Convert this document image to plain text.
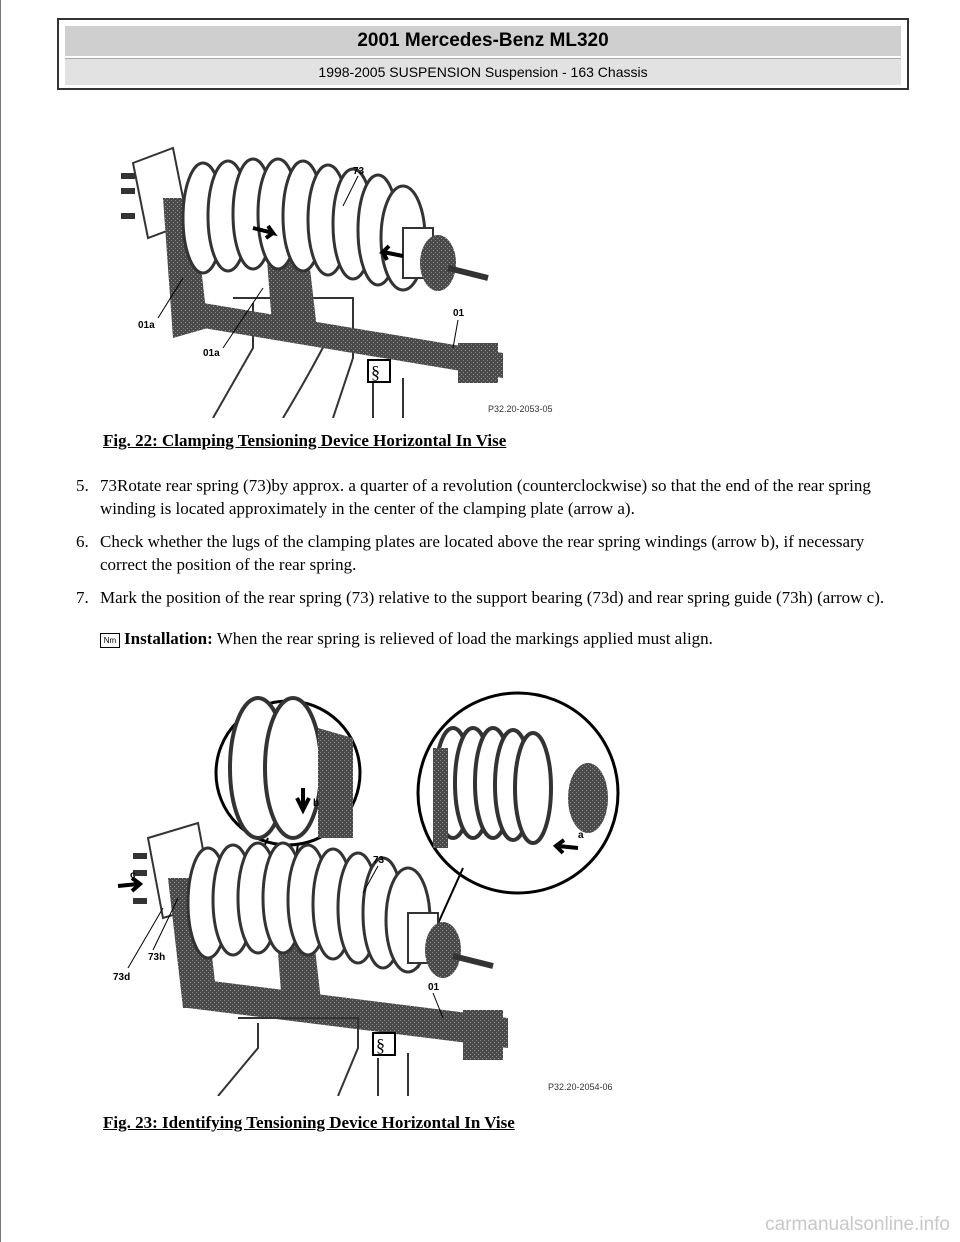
2001 Mercedes-Benz ML320
1998-2005 SUSPENSION Suspension - 163 Chassis
§
73
01
01a
01a
P32.20-2053-05
Fig. 22: Clamping Tensioning Device Horizontal In Vise
5. 73Rotate rear spring (73)by approx. a quarter of a revolution (counterclockwise) so that the end of the rear spring winding is located approximately in the center of the clamping plate (arrow a).
6. Check whether the lugs of the clamping plates are located above the rear spring windings (arrow b), if necessary correct the position of the rear spring.
7. Mark the position of the rear spring (73) relative to the support bearing (73d) and rear spring guide (73h) (arrow c).
Nm Installation: When the rear spring is relieved of load the markings applied must align.
b
a
§
c
73
01
73d
73h
P32.20-2054-06
Fig. 23: Identifying Tensioning Device Horizontal In Vise
carmanualsonline.info
